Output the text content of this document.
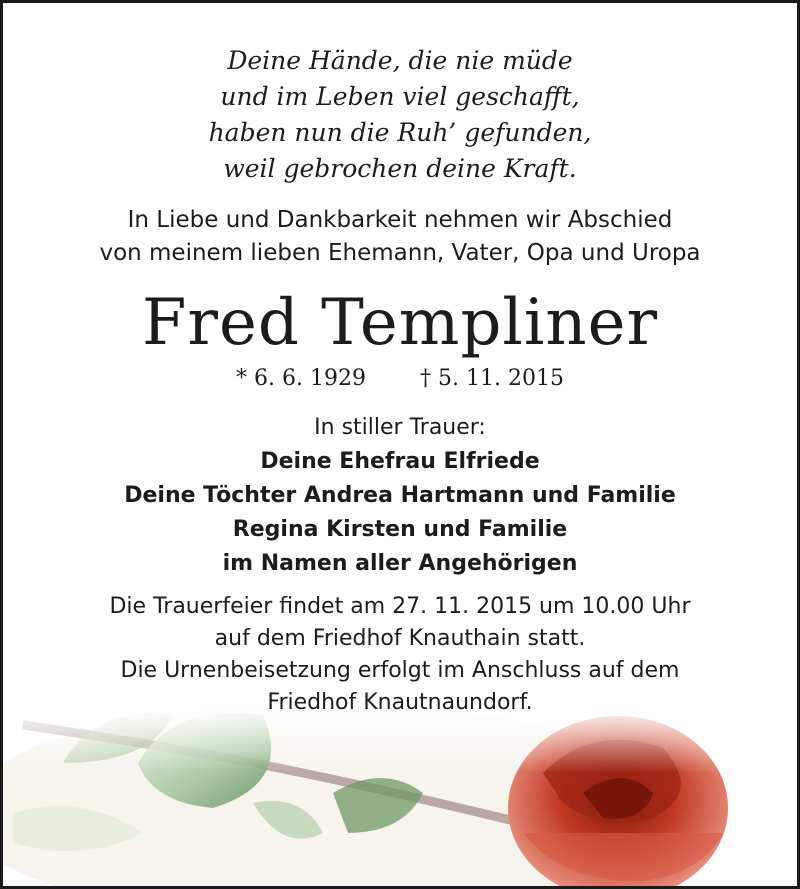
Deine Hände, die nie müde
und im Leben viel geschafft,
haben nun die Ruh’ gefunden,
weil gebrochen deine Kraft.
In Liebe und Dankbarkeit nehmen wir Abschied
von meinem lieben Ehemann, Vater, Opa und Uropa
Fred Templiner
* 6. 6. 1929 † 5. 11. 2015
In stiller Trauer:
Deine Ehefrau Elfriede
Deine Töchter Andrea Hartmann und Familie
Regina Kirsten und Familie
im Namen aller Angehörigen
Die Trauerfeier findet am 27. 11. 2015 um 10.00 Uhr
auf dem Friedhof Knauthain statt.
Die Urnenbeisetzung erfolgt im Anschluss auf dem
Friedhof Knautnaundorf.
